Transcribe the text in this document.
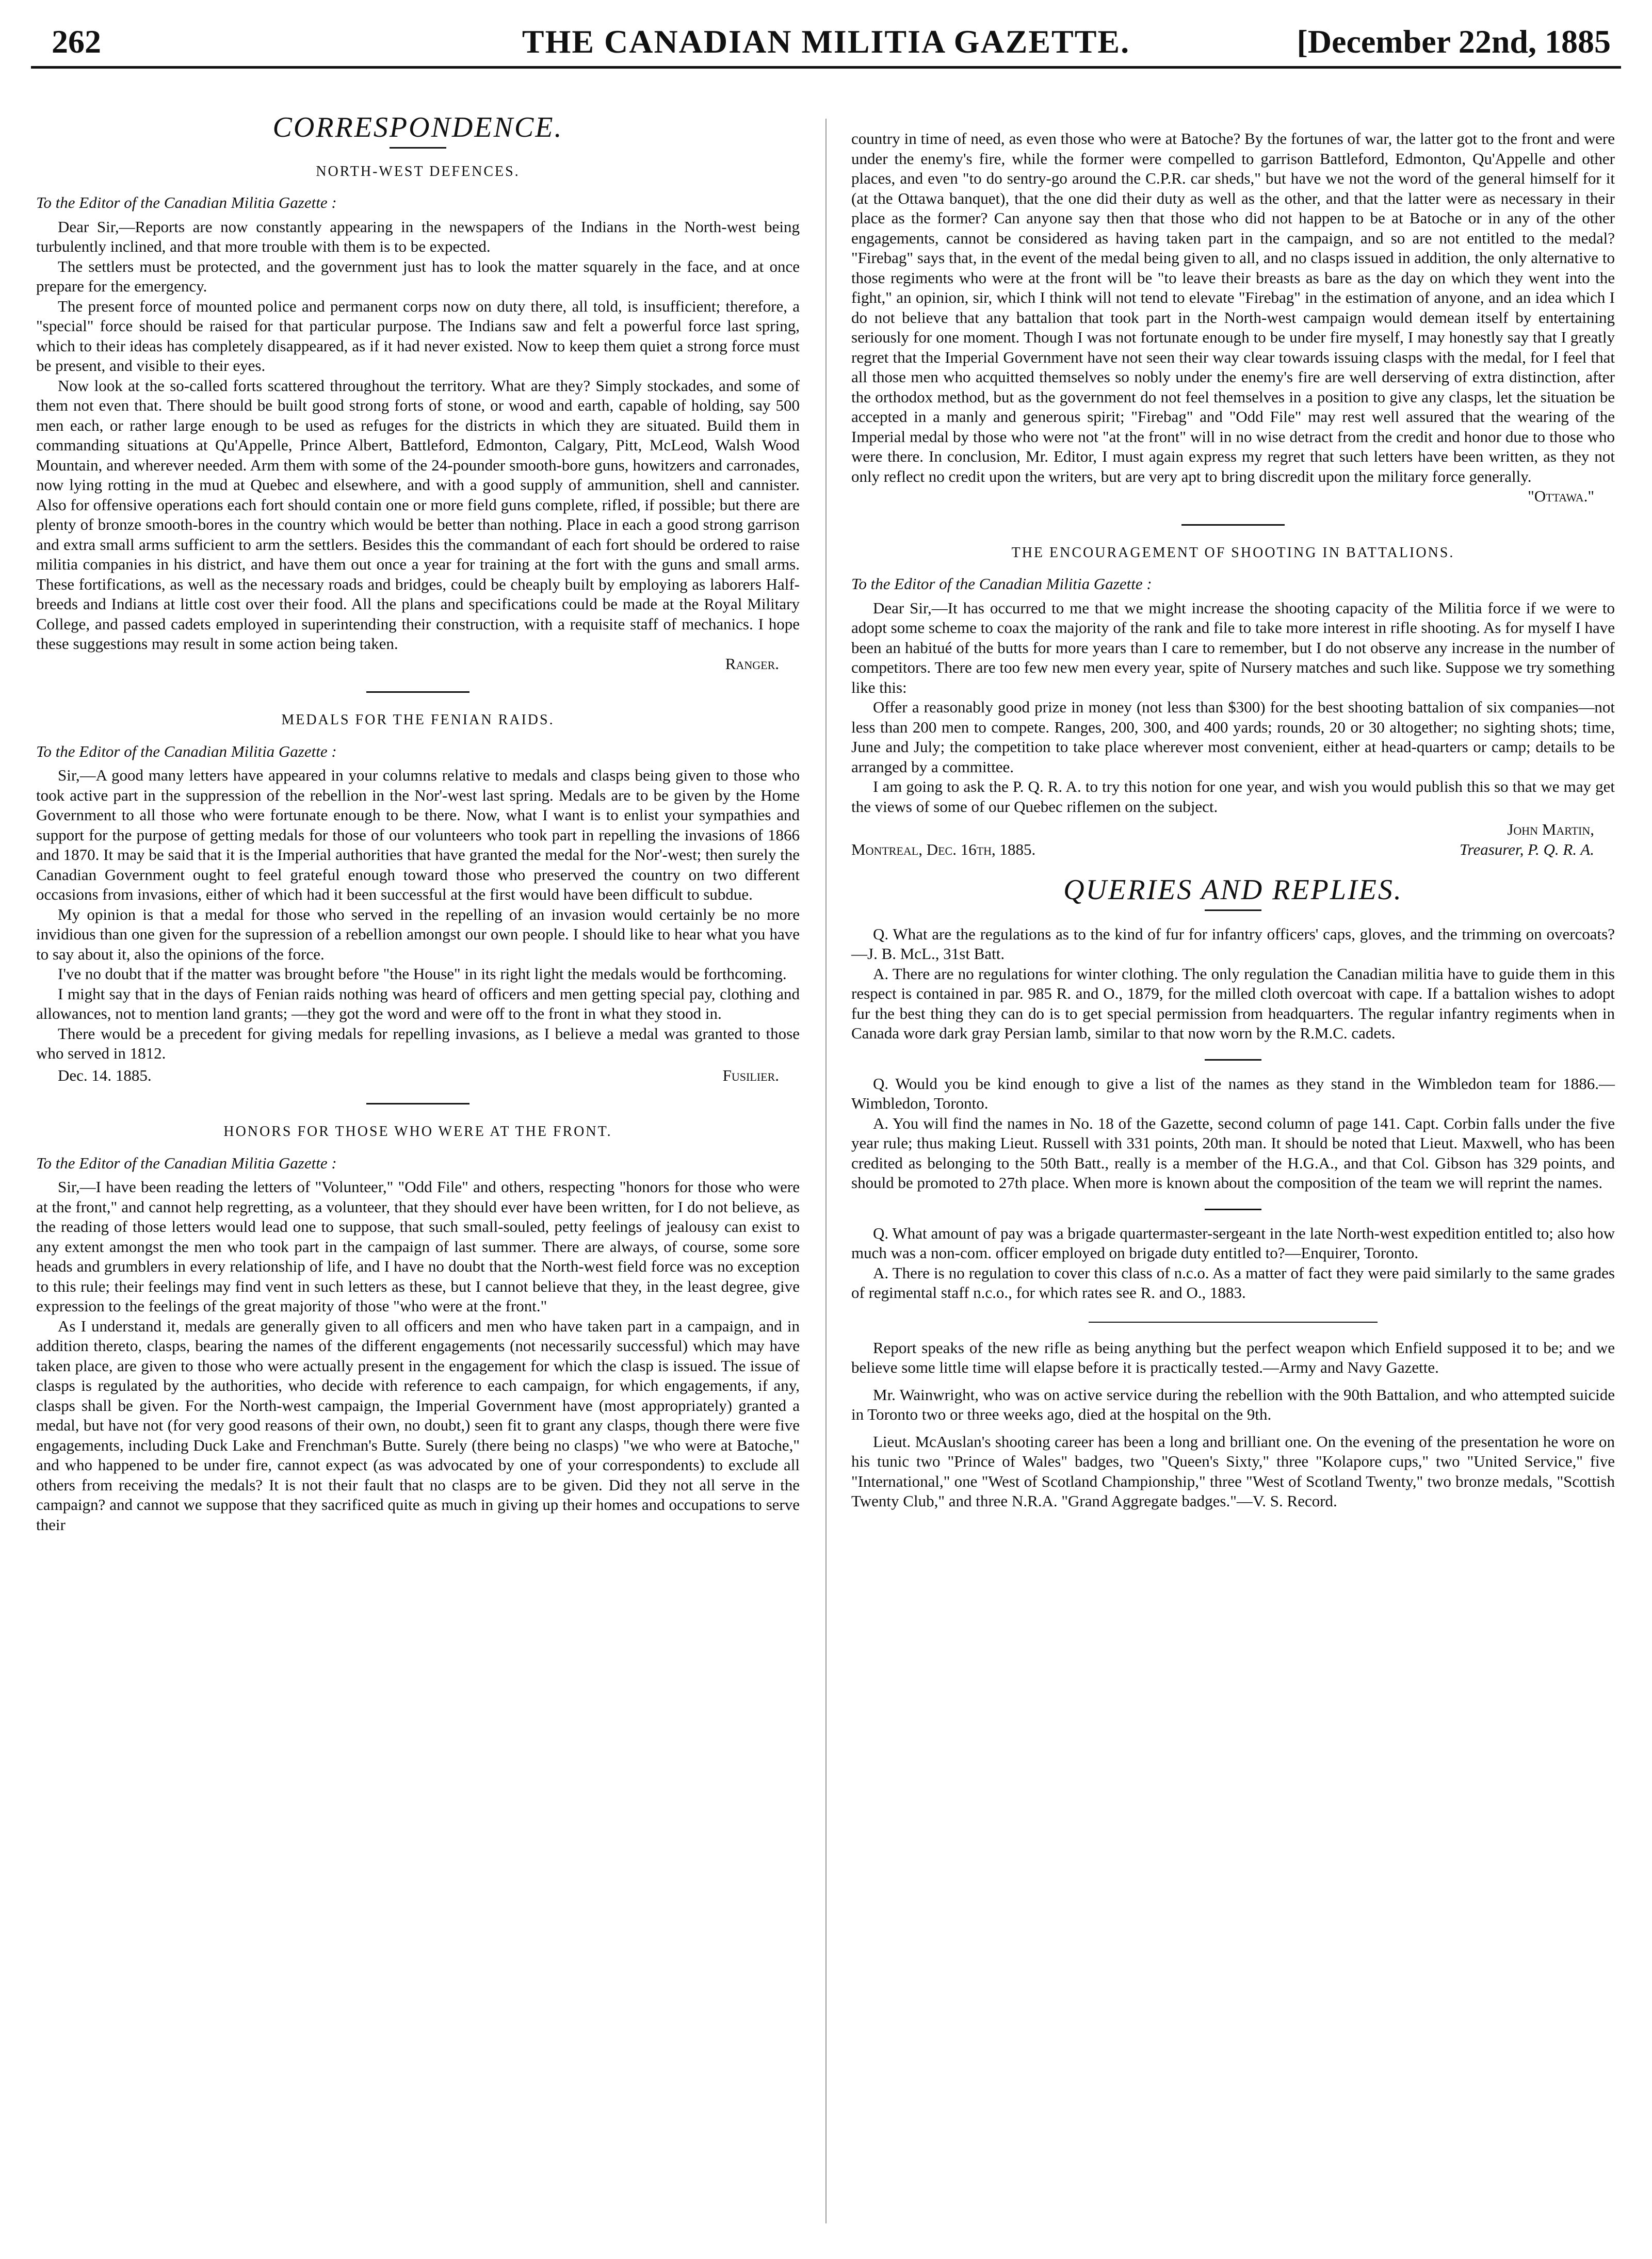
262	THE CANADIAN MILITIA GAZETTE.	[December 22nd, 1885
CORRESPONDENCE.
NORTH-WEST DEFENCES.
To the Editor of the Canadian Militia Gazette :

Dear Sir,—Reports are now constantly appearing in the newspapers of the Indians in the North-west being turbulently inclined, and that more trouble with them is to be expected.

The settlers must be protected, and the government just has to look the matter squarely in the face, and at once prepare for the emergency.

The present force of mounted police and permanent corps now on duty there, all told, is insufficient; therefore, a "special" force should be raised for that particular purpose. The Indians saw and felt a powerful force last spring, which to their ideas has completely disappeared, as if it had never existed. Now to keep them quiet a strong force must be present, and visible to their eyes.

Now look at the so-called forts scattered throughout the territory. What are they? Simply stockades, and some of them not even that. There should be built good strong forts of stone, or wood and earth, capable of holding, say 500 men each, or rather large enough to be used as refuges for the districts in which they are situated. Build them in commanding situations at Qu'Appelle, Prince Albert, Battleford, Edmonton, Calgary, Pitt, McLeod, Walsh Wood Mountain, and wherever needed. Arm them with some of the 24-pounder smooth-bore guns, howitzers and carronades, now lying rotting in the mud at Quebec and elsewhere, and with a good supply of ammunition, shell and cannister. Also for offensive operations each fort should contain one or more field guns complete, rifled, if possible; but there are plenty of bronze smooth-bores in the country which would be better than nothing. Place in each a good strong garrison and extra small arms sufficient to arm the settlers. Besides this the commandant of each fort should be ordered to raise militia companies in his district, and have them out once a year for training at the fort with the guns and small arms. These fortifications, as well as the necessary roads and bridges, could be cheaply built by employing as laborers Half-breeds and Indians at little cost over their food. All the plans and specifications could be made at the Royal Military College, and passed cadets employed in superintending their construction, with a requisite staff of mechanics. I hope these suggestions may result in some action being taken.

Ranger.
MEDALS FOR THE FENIAN RAIDS.
To the Editor of the Canadian Militia Gazette :

Sir,—A good many letters have appeared in your columns relative to medals and clasps being given to those who took active part in the suppression of the rebellion in the Nor'-west last spring. Medals are to be given by the Home Government to all those who were fortunate enough to be there. Now, what I want is to enlist your sympathies and support for the purpose of getting medals for those of our volunteers who took part in repelling the invasions of 1866 and 1870. It may be said that it is the Imperial authorities that have granted the medal for the Nor'-west; then surely the Canadian Government ought to feel grateful enough toward those who preserved the country on two different occasions from invasions, either of which had it been successful at the first would have been difficult to subdue.

My opinion is that a medal for those who served in the repelling of an invasion would certainly be no more invidious than one given for the supression of a rebellion amongst our own people. I should like to hear what you have to say about it, also the opinions of the force.

I've no doubt that if the matter was brought before "the House" in its right light the medals would be forthcoming.

I might say that in the days of Fenian raids nothing was heard of officers and men getting special pay, clothing and allowances, not to mention land grants; —they got the word and were off to the front in what they stood in.

There would be a precedent for giving medals for repelling invasions, as I believe a medal was granted to those who served in 1812.

Dec. 14. 1885.	Fusilier.
HONORS FOR THOSE WHO WERE AT THE FRONT.
To the Editor of the Canadian Militia Gazette :

Sir,—I have been reading the letters of "Volunteer," "Odd File" and others, respecting "honors for those who were at the front," and cannot help regretting, as a volunteer, that they should ever have been written, for I do not believe, as the reading of those letters would lead one to suppose, that such small-souled, petty feelings of jealousy can exist to any extent amongst the men who took part in the campaign of last summer. There are always, of course, some sore heads and grumblers in every relationship of life, and I have no doubt that the North-west field force was no exception to this rule; their feelings may find vent in such letters as these, but I cannot believe that they, in the least degree, give expression to the feelings of the great majority of those "who were at the front."

As I understand it, medals are generally given to all officers and men who have taken part in a campaign, and in addition thereto, clasps, bearing the names of the different engagements (not necessarily successful) which may have taken place, are given to those who were actually present in the engagement for which the clasp is issued. The issue of clasps is regulated by the authorities, who decide with reference to each campaign, for which engagements, if any, clasps shall be given. For the North-west campaign, the Imperial Government have (most appropriately) granted a medal, but have not (for very good reasons of their own, no doubt,) seen fit to grant any clasps, though there were five engagements, including Duck Lake and Frenchman's Butte. Surely (there being no clasps) "we who were at Batoche," and who happened to be under fire, cannot expect (as was advocated by one of your correspondents) to exclude all others from receiving the medals? It is not their fault that no clasps are to be given. Did they not all serve in the campaign? and cannot we suppose that they sacrificed quite as much in giving up their homes and occupations to serve their

country in time of need, as even those who were at Batoche? By the fortunes of war, the latter got to the front and were under the enemy's fire, while the former were compelled to garrison Battleford, Edmonton, Qu'Appelle and other places, and even "to do sentry-go around the C.P.R. car sheds," but have we not the word of the general himself for it (at the Ottawa banquet), that the one did their duty as well as the other, and that the latter were as necessary in their place as the former? Can anyone say then that those who did not happen to be at Batoche or in any of the other engagements, cannot be considered as having taken part in the campaign, and so are not entitled to the medal? "Firebag" says that, in the event of the medal being given to all, and no clasps issued in addition, the only alternative to those regiments who were at the front will be "to leave their breasts as bare as the day on which they went into the fight," an opinion, sir, which I think will not tend to elevate "Firebag" in the estimation of anyone, and an idea which I do not believe that any battalion that took part in the North-west campaign would demean itself by entertaining seriously for one moment. Though I was not fortunate enough to be under fire myself, I may honestly say that I greatly regret that the Imperial Government have not seen their way clear towards issuing clasps with the medal, for I feel that all those men who acquitted themselves so nobly under the enemy's fire are well derserving of extra distinction, after the orthodox method, but as the government do not feel themselves in a position to give any clasps, let the situation be accepted in a manly and generous spirit; "Firebag" and "Odd File" may rest well assured that the wearing of the Imperial medal by those who were not "at the front" will in no wise detract from the credit and honor due to those who were there. In conclusion, Mr. Editor, I must again express my regret that such letters have been written, as they not only reflect no credit upon the writers, but are very apt to bring discredit upon the military force generally.

"Ottawa."
THE ENCOURAGEMENT OF SHOOTING IN BATTALIONS.
To the Editor of the Canadian Militia Gazette :

Dear Sir,—It has occurred to me that we might increase the shooting capacity of the Militia force if we were to adopt some scheme to coax the majority of the rank and file to take more interest in rifle shooting. As for myself I have been an habitué of the butts for more years than I care to remember, but I do not observe any increase in the number of competitors. There are too few new men every year, spite of Nursery matches and such like. Suppose we try something like this:

Offer a reasonably good prize in money (not less than $300) for the best shooting battalion of six companies—not less than 200 men to compete. Ranges, 200, 300, and 400 yards; rounds, 20 or 30 altogether; no sighting shots; time, June and July; the competition to take place wherever most convenient, either at head-quarters or camp; details to be arranged by a committee.

I am going to ask the P. Q. R. A. to try this notion for one year, and wish you would publish this so that we may get the views of some of our Quebec riflemen on the subject.

John Martin,
Montreal, Dec. 16th, 1885.	Treasurer, P. Q. R. A.
QUERIES AND REPLIES.

Q. What are the regulations as to the kind of fur for infantry officers' caps, gloves, and the trimming on overcoats?—J. B. McL., 31st Batt.

A. There are no regulations for winter clothing. The only regulation the Canadian militia have to guide them in this respect is contained in par. 985 R. and O., 1879, for the milled cloth overcoat with cape. If a battalion wishes to adopt fur the best thing they can do is to get special permission from headquarters. The regular infantry regiments when in Canada wore dark gray Persian lamb, similar to that now worn by the R.M.C. cadets.

Q. Would you be kind enough to give a list of the names as they stand in the Wimbledon team for 1886.—Wimbledon, Toronto.

A. You will find the names in No. 18 of the Gazette, second column of page 141. Capt. Corbin falls under the five year rule; thus making Lieut. Russell with 331 points, 20th man. It should be noted that Lieut. Maxwell, who has been credited as belonging to the 50th Batt., really is a member of the H.G.A., and that Col. Gibson has 329 points, and should be promoted to 27th place. When more is known about the composition of the team we will reprint the names.

Q. What amount of pay was a brigade quartermaster-sergeant in the late North-west expedition entitled to; also how much was a non-com. officer employed on brigade duty entitled to?—Enquirer, Toronto.

A. There is no regulation to cover this class of n.c.o. As a matter of fact they were paid similarly to the same grades of regimental staff n.c.o., for which rates see R. and O., 1883.

Report speaks of the new rifle as being anything but the perfect weapon which Enfield supposed it to be; and we believe some little time will elapse before it is practically tested.—Army and Navy Gazette.

Mr. Wainwright, who was on active service during the rebellion with the 90th Battalion, and who attempted suicide in Toronto two or three weeks ago, died at the hospital on the 9th.

Lieut. McAuslan's shooting career has been a long and brilliant one. On the evening of the presentation he wore on his tunic two "Prince of Wales" badges, two "Queen's Sixty," three "Kolapore cups," two "United Service," five "International," one "West of Scotland Championship," three "West of Scotland Twenty," two bronze medals, "Scottish Twenty Club," and three N.R.A. "Grand Aggregate badges."—V. S. Record.
